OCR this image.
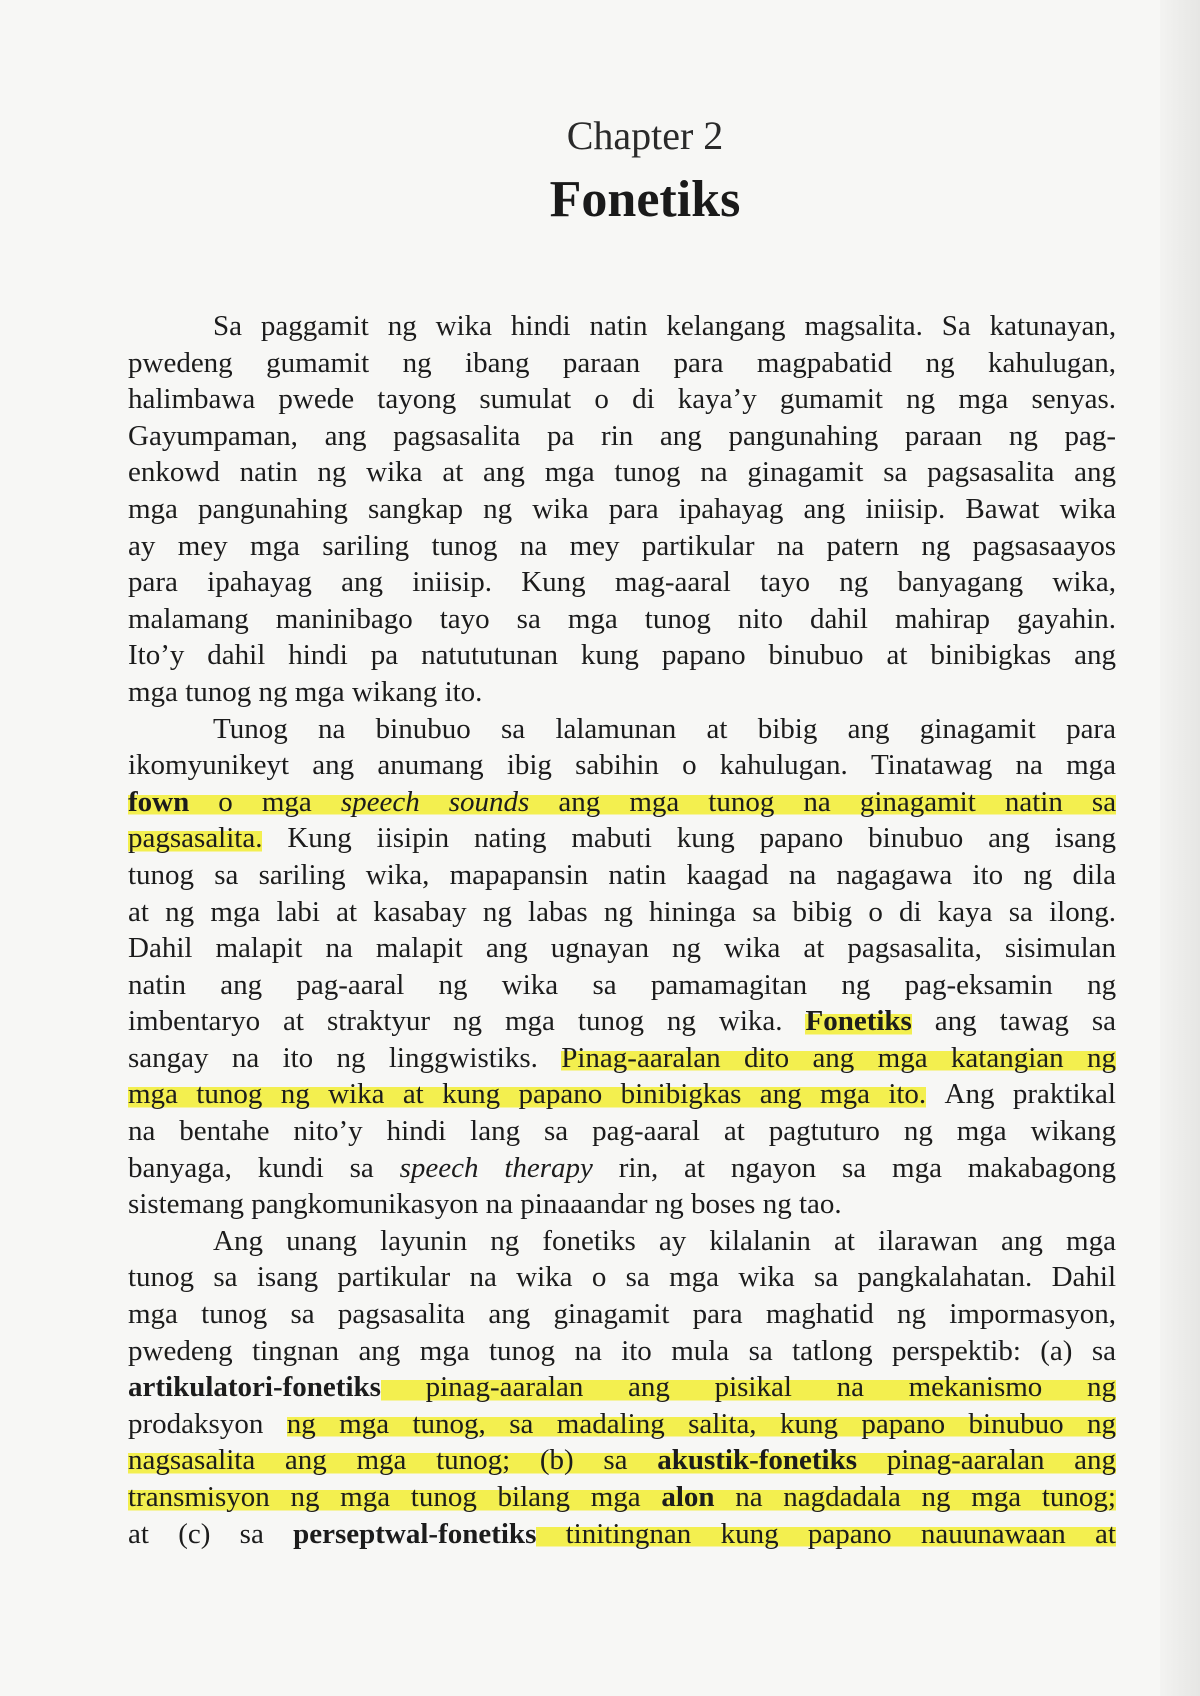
Chapter 2
Fonetiks
Sa
paggamit
ng
wika
hindi
natin
kelangang
magsalita.
Sa
katunayan,
pwedeng
gumamit
ng
ibang
paraan
para
magpabatid
ng
kahulugan,
halimbawa
pwede
tayong
sumulat
o
di
kaya’y
gumamit
ng
mga
senyas.
Gayumpaman,
ang
pagsasalita
pa
rin
ang
pangunahing
paraan
ng
pag-
enkowd
natin
ng
wika
at
ang
mga
tunog
na
ginagamit
sa
pagsasalita
ang
mga
pangunahing
sangkap
ng
wika
para
ipahayag
ang
iniisip.
Bawat
wika
ay
mey
mga
sariling
tunog
na
mey
partikular
na
patern
ng
pagsasaayos
para
ipahayag
ang
iniisip.
Kung
mag-aaral
tayo
ng
banyagang
wika,
malamang
maninibago
tayo
sa
mga
tunog
nito
dahil
mahirap
gayahin.
Ito’y
dahil
hindi
pa
natututunan
kung
papano
binubuo
at
binibigkas
ang
mga
tunog
ng
mga
wikang
ito.
Tunog
na
binubuo
sa
lalamunan
at
bibig
ang
ginagamit
para
ikomyunikeyt
ang
anumang
ibig
sabihin
o
kahulugan.
Tinatawag
na
mga
fown
o
mga
speech
sounds
ang
mga
tunog
na
ginagamit
natin
sa
pagsasalita.
Kung
iisipin
nating
mabuti
kung
papano
binubuo
ang
isang
tunog
sa
sariling
wika,
mapapansin
natin
kaagad
na
nagagawa
ito
ng
dila
at
ng
mga
labi
at
kasabay
ng
labas
ng
hininga
sa
bibig
o
di
kaya
sa
ilong.
Dahil
malapit
na
malapit
ang
ugnayan
ng
wika
at
pagsasalita,
sisimulan
natin
ang
pag-aaral
ng
wika
sa
pamamagitan
ng
pag-eksamin
ng
imbentaryo
at
straktyur
ng
mga
tunog
ng
wika.
Fonetiks
ang
tawag
sa
sangay
na
ito
ng
linggwistiks.
Pinag-aaralan
dito
ang
mga
katangian
ng
mga
tunog
ng
wika
at
kung
papano
binibigkas
ang
mga
ito.
Ang
praktikal
na
bentahe
nito’y
hindi
lang
sa
pag-aaral
at
pagtuturo
ng
mga
wikang
banyaga,
kundi
sa
speech
therapy
rin,
at
ngayon
sa
mga
makabagong
sistemang
pangkomunikasyon
na
pinaaandar
ng
boses
ng
tao.
Ang
unang
layunin
ng
fonetiks
ay
kilalanin
at
ilarawan
ang
mga
tunog
sa
isang
partikular
na
wika
o
sa
mga
wika
sa
pangkalahatan.
Dahil
mga
tunog
sa
pagsasalita
ang
ginagamit
para
maghatid
ng
impormasyon,
pwedeng
tingnan
ang
mga
tunog
na
ito
mula
sa
tatlong
perspektib:
(a)
sa
artikulatori-fonetiks
pinag-aaralan
ang
pisikal
na
mekanismo
ng
prodaksyon
ng
mga
tunog,
sa
madaling
salita,
kung
papano
binubuo
ng
nagsasalita
ang
mga
tunog;
(b)
sa
akustik-fonetiks
pinag-aaralan
ang
transmisyon
ng
mga
tunog
bilang
mga
alon
na
nagdadala
ng
mga
tunog;
at
(c)
sa
perseptwal-fonetiks
tinitingnan
kung
papano
nauunawaan
at
